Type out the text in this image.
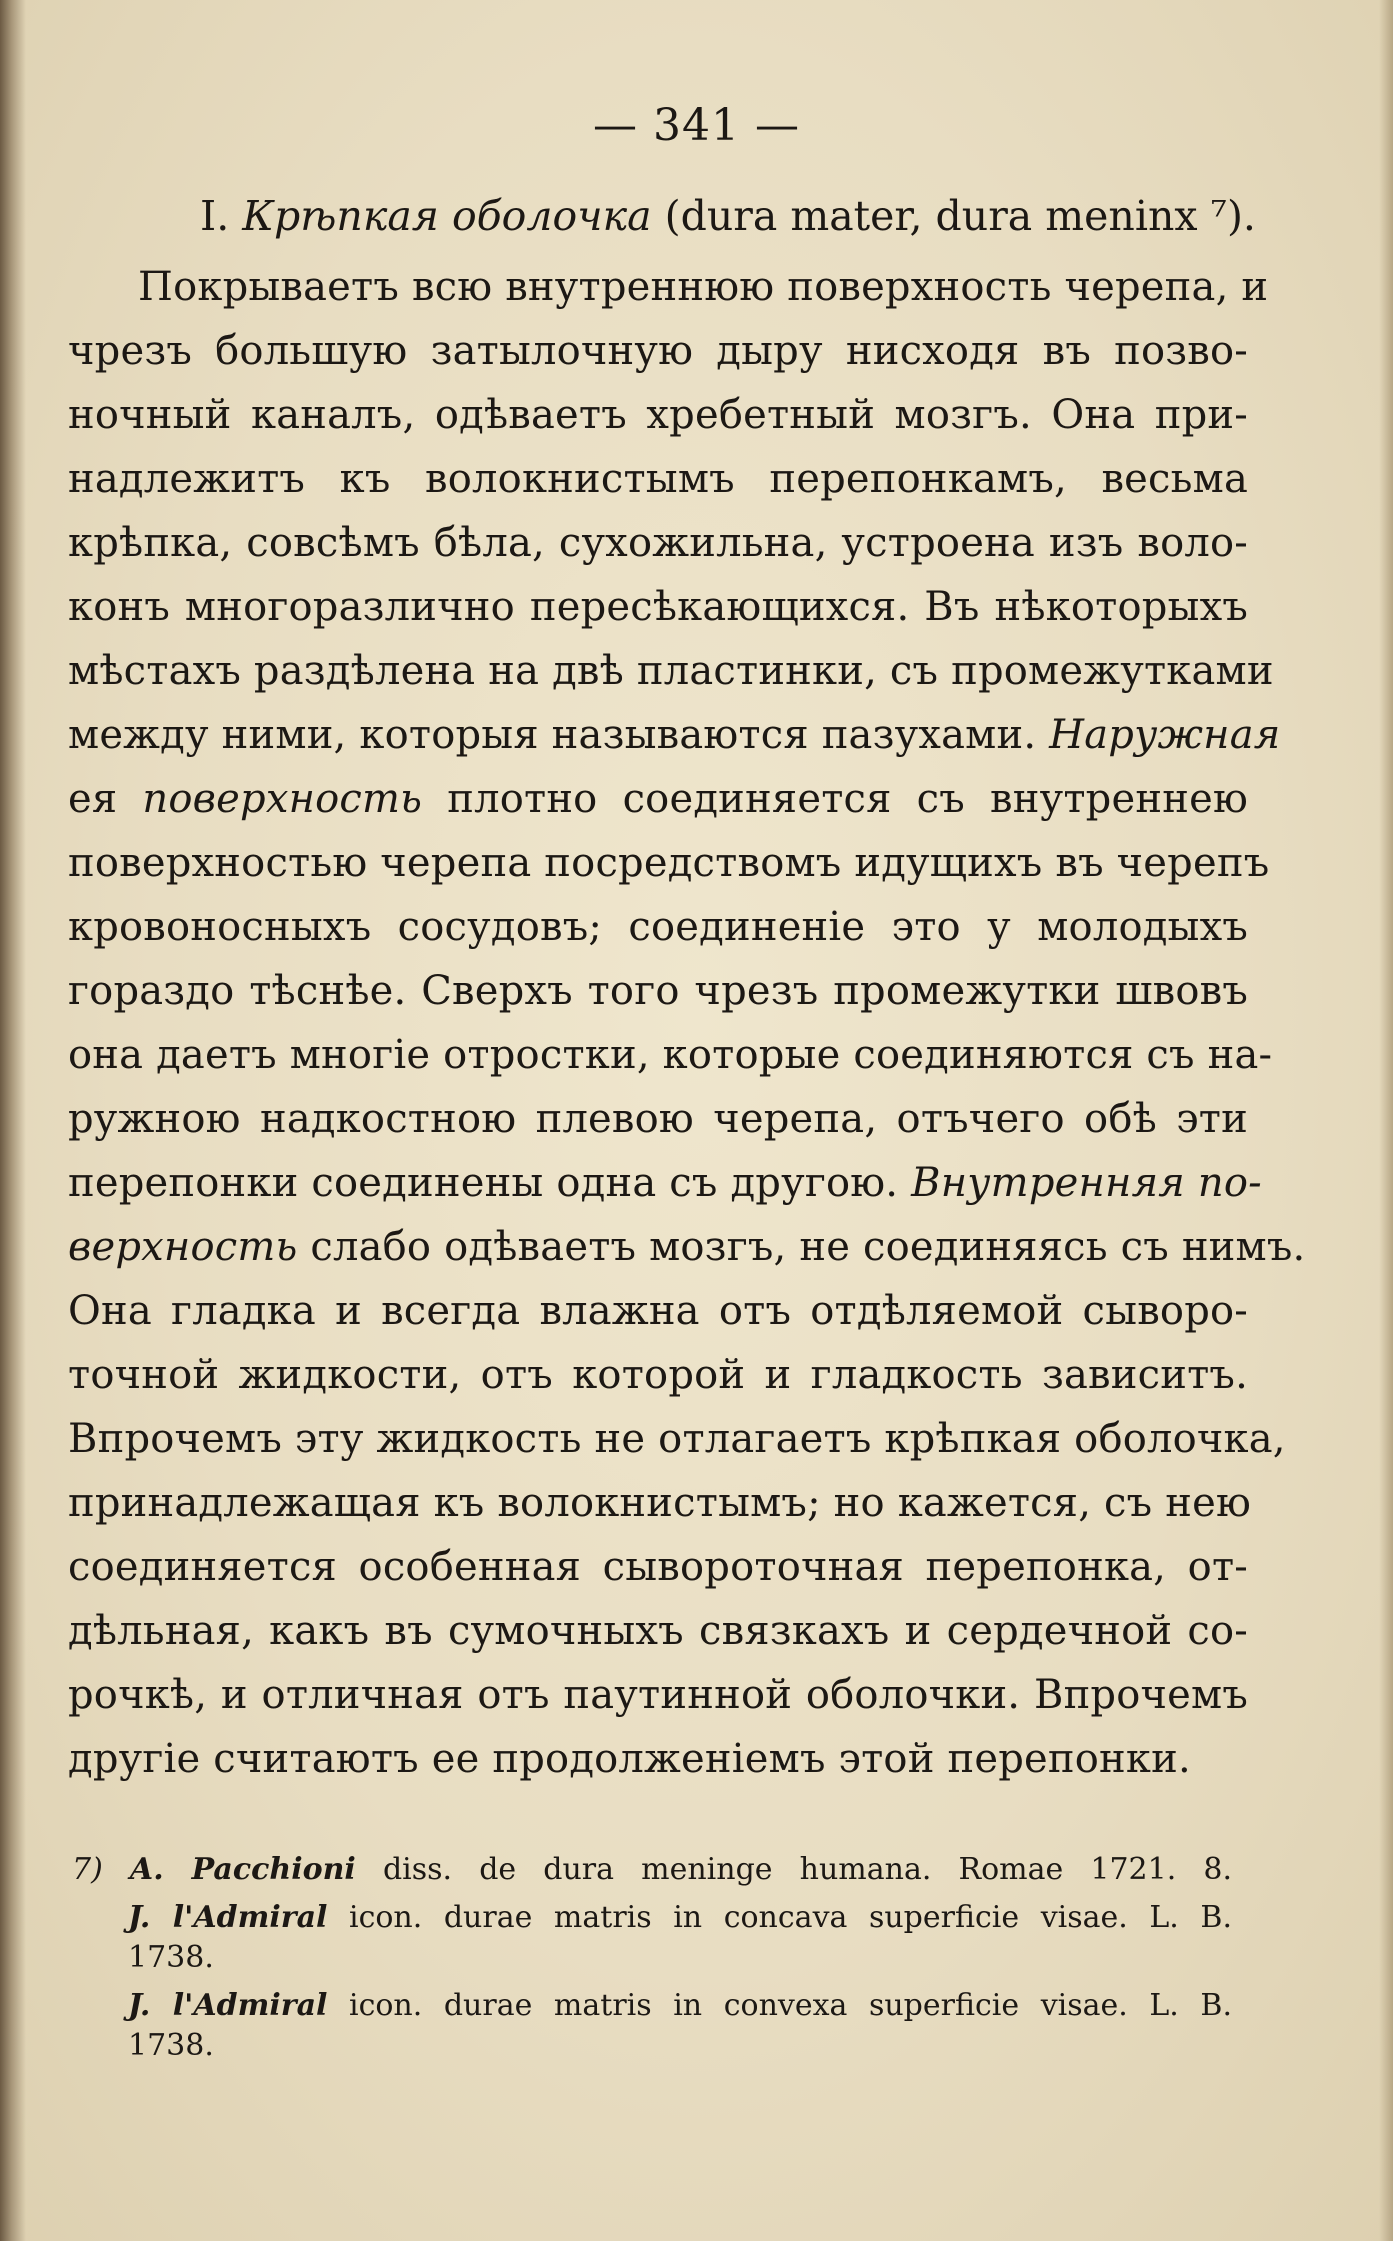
— 341 —
I. Крѣпкая оболочка (dura mater, dura meninx ⁷).
Покрываетъ всю внутреннюю поверхность черепа, и
чрезъ большую затылочную дыру нисходя въ позво-
ночный каналъ, одѣваетъ хребетный мозгъ. Она при-
надлежитъ къ волокнистымъ перепонкамъ, весьма
крѣпка, совсѣмъ бѣла, сухожильна, устроена изъ воло-
конъ многоразлично пересѣкающихся. Въ нѣкоторыхъ
мѣстахъ раздѣлена на двѣ пластинки, съ промежутками
между ними, которыя называются пазухами. Наружная
ея поверхность плотно соединяется съ внутреннею
поверхностью черепа посредствомъ идущихъ въ черепъ
кровоносныхъ сосудовъ; соединеніе это у молодыхъ
гораздо тѣснѣе. Сверхъ того чрезъ промежутки швовъ
она даетъ многіе отростки, которые соединяются съ на-
ружною надкостною плевою черепа, отъчего обѣ эти
перепонки соединены одна съ другою. Внутренняя по-
верхность слабо одѣваетъ мозгъ, не соединяясь съ нимъ.
Она гладка и всегда влажна отъ отдѣляемой сыворо-
точной жидкости, отъ которой и гладкость зависитъ.
Впрочемъ эту жидкость не отлагаетъ крѣпкая оболочка,
принадлежащая къ волокнистымъ; но кажется, съ нею
соединяется особенная сывороточная перепонка, от-
дѣльная, какъ въ сумочныхъ связкахъ и сердечной со-
рочкѣ, и отличная отъ паутинной оболочки. Впрочемъ
другіе считаютъ ее продолженіемъ этой перепонки.
7) A. Pacchioni diss. de dura meninge humana. Romae 1721. 8.
J. l'Admiral icon. durae matris in concava superficie visae. L. B.
1738.
J. l'Admiral icon. durae matris in convexa superficie visae. L. B.
1738.
